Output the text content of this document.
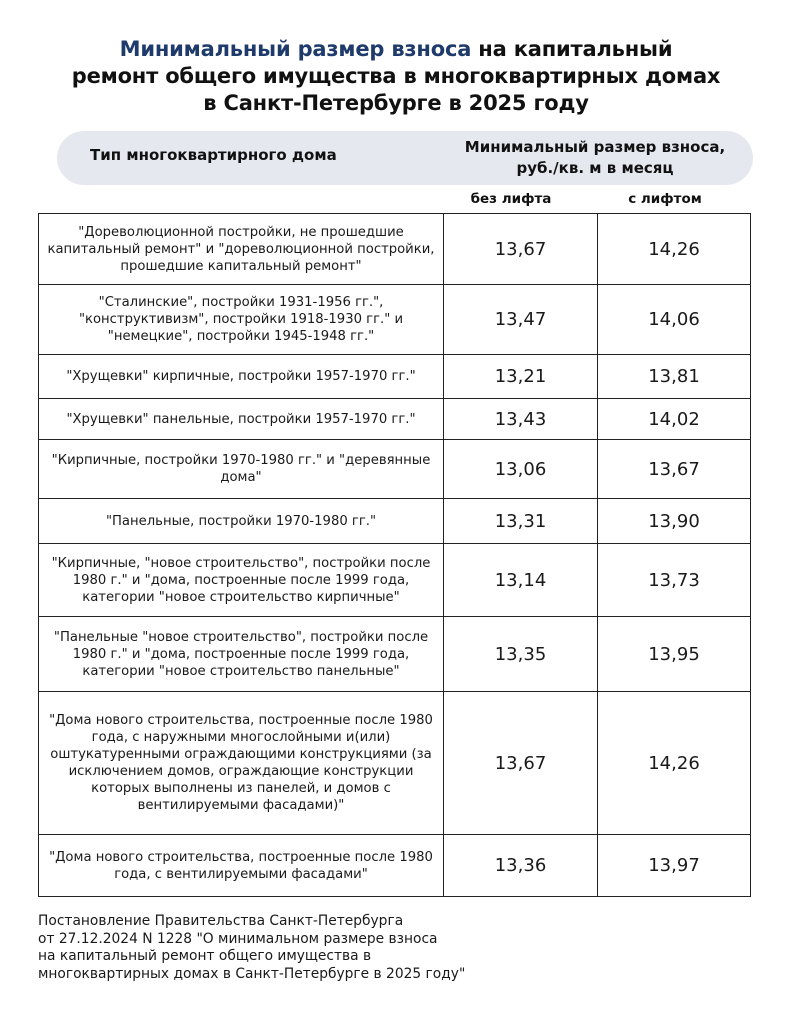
Минимальный размер взноса на капитальный
ремонт общего имущества в многоквартирных домах
в Санкт-Петербурге в 2025 году
Тип многоквартирного дома	Минимальный размер взноса,
руб./кв. м в месяц
без лифта	с лифтом
"Дореволюционной постройки, не прошедшие капитальный ремонт" и "дореволюционной постройки, прошедшие капитальный ремонт"	13,67	14,26
"Сталинские", постройки 1931-1956 гг.", "конструктивизм", постройки 1918-1930 гг." и "немецкие", постройки 1945-1948 гг."	13,47	14,06
"Хрущевки" кирпичные, постройки 1957-1970 гг."	13,21	13,81
"Хрущевки" панельные, постройки 1957-1970 гг."	13,43	14,02
"Кирпичные, постройки 1970-1980 гг." и "деревянные дома"	13,06	13,67
"Панельные, постройки 1970-1980 гг."	13,31	13,90
"Кирпичные, "новое строительство", постройки после 1980 г." и "дома, построенные после 1999 года, категории "новое строительство кирпичные"	13,14	13,73
"Панельные "новое строительство", постройки после 1980 г." и "дома, построенные после 1999 года, категории "новое строительство панельные"	13,35	13,95
"Дома нового строительства, построенные после 1980 года, с наружными многослойными и(или) оштукатуренными ограждающими конструкциями (за исключением домов, ограждающие конструкции которых выполнены из панелей, и домов с вентилируемыми фасадами)"	13,67	14,26
"Дома нового строительства, построенные после 1980 года, с вентилируемыми фасадами"	13,36	13,97
Постановление Правительства Санкт-Петербурга
от 27.12.2024 N 1228 "О минимальном размере взноса
на капитальный ремонт общего имущества в
многоквартирных домах в Санкт-Петербурге в 2025 году"
